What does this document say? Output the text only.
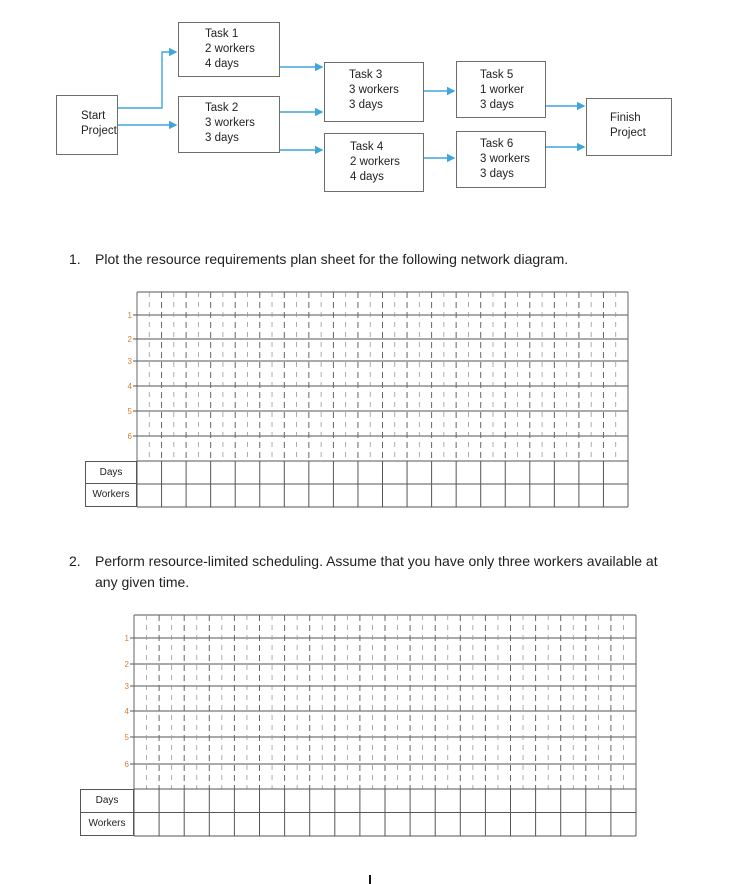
Start
Project
Task 1
2 workers
4 days
Task 2
3 workers
3 days
Task 3
3 workers
3 days
Task 4
2 workers
4 days
Task 5
1 worker
3 days
Task 6
3 workers
3 days
Finish
Project
1. Plot the resource requirements plan sheet for the following network diagram.
1
2
3
4
5
6
Days
Workers
2. Perform resource-limited scheduling. Assume that you have only three workers available at
any given time.
1
2
3
4
5
6
Days
Workers
